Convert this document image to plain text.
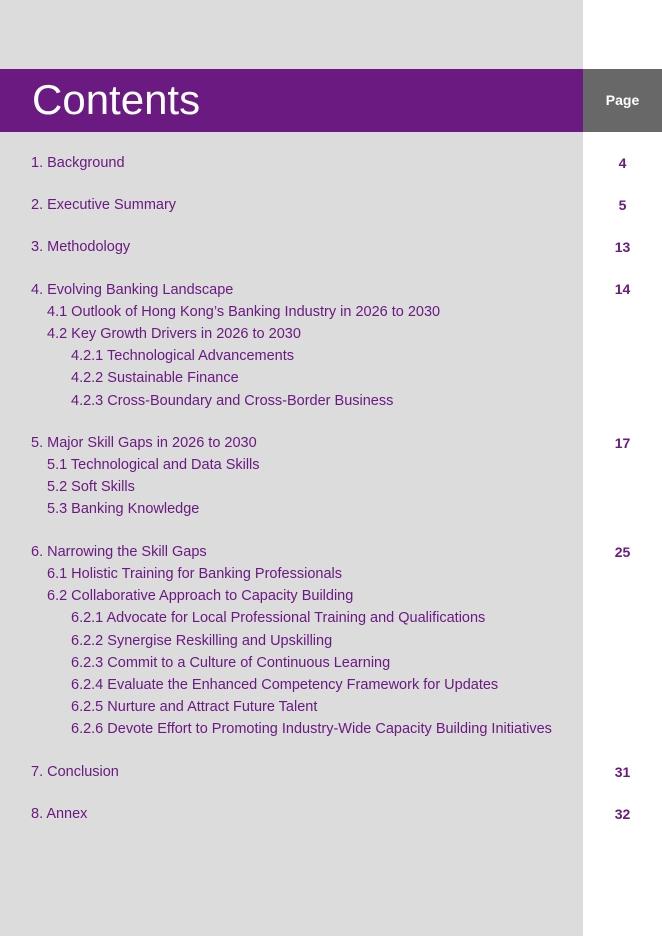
Contents	Page
1. Background	4
2. Executive Summary	5
3. Methodology	13
4. Evolving Banking Landscape	14
4.1 Outlook of Hong Kong’s Banking Industry in 2026 to 2030
4.2 Key Growth Drivers in 2026 to 2030
4.2.1 Technological Advancements
4.2.2 Sustainable Finance
4.2.3 Cross-Boundary and Cross-Border Business
5. Major Skill Gaps in 2026 to 2030	17
5.1 Technological and Data Skills
5.2 Soft Skills
5.3 Banking Knowledge
6. Narrowing the Skill Gaps	25
6.1 Holistic Training for Banking Professionals
6.2 Collaborative Approach to Capacity Building
6.2.1 Advocate for Local Professional Training and Qualifications
6.2.2 Synergise Reskilling and Upskilling
6.2.3 Commit to a Culture of Continuous Learning
6.2.4 Evaluate the Enhanced Competency Framework for Updates
6.2.5 Nurture and Attract Future Talent
6.2.6 Devote Effort to Promoting Industry-Wide Capacity Building Initiatives
7. Conclusion	31
8. Annex	32
